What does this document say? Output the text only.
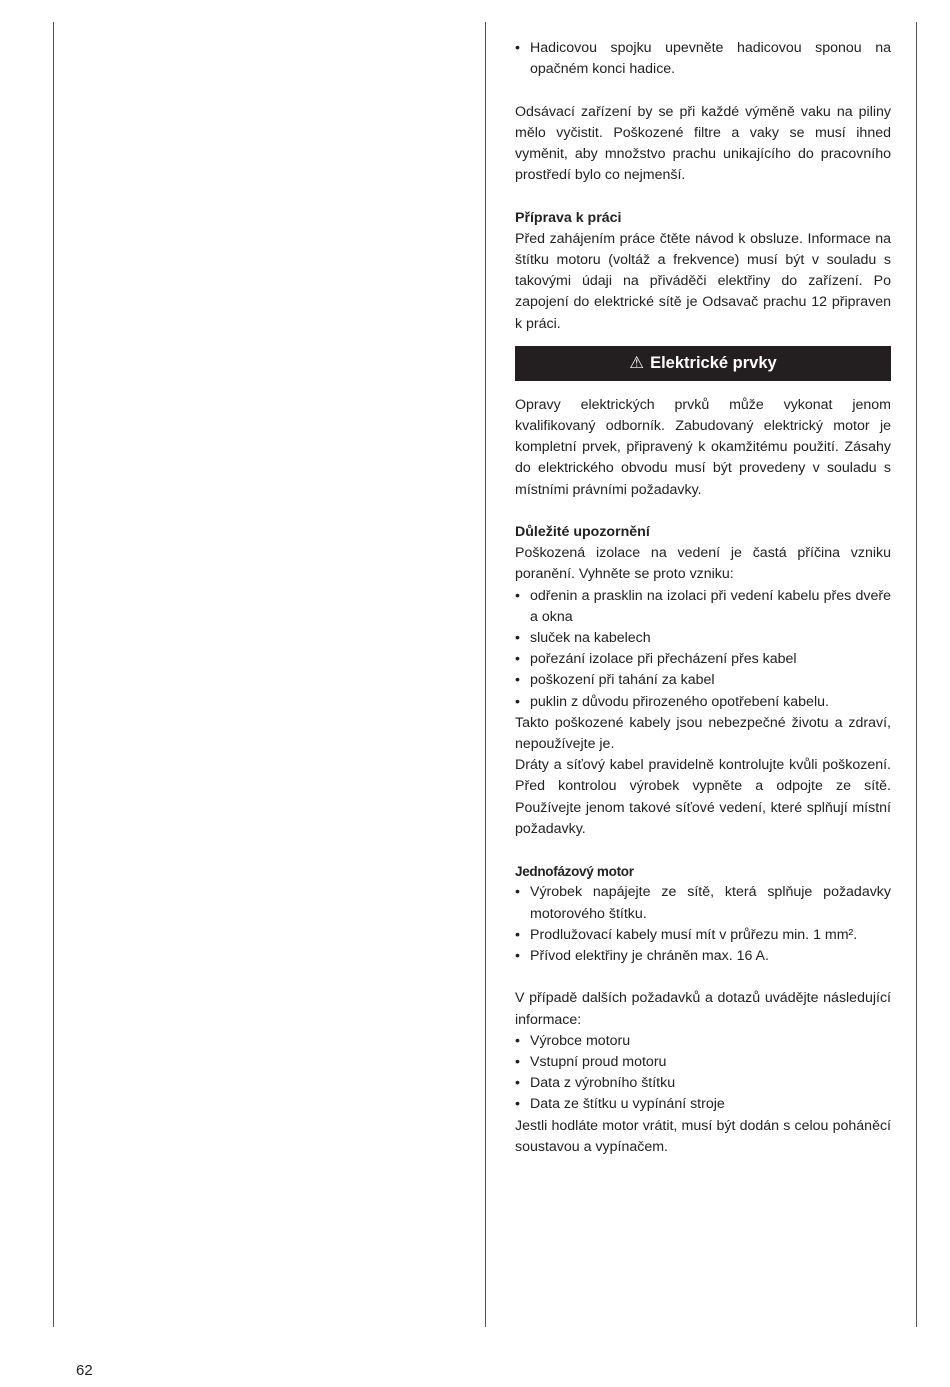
• Hadicovou spojku upevněte hadicovou sponou na opačném konci hadice.

Odsávací zařízení by se při každé výměně vaku na piliny mělo vyčistit. Poškozené filtre a vaky se musí ihned vyměnit, aby množstvo prachu unikajícího do pracovního prostředí bylo co nejmenší.

Příprava k práci

Před zahájením práce čtěte návod k obsluze. Informace na štítku motoru (voltáž a frekvence) musí být v souladu s takovými údaji na přiváděči elektřiny do zařízení. Po zapojení do elektrické sítě je Odsavač prachu 12 připraven k práci.

⚠ Elektrické prvky

Opravy elektrických prvků může vykonat jenom kvalifikovaný odborník. Zabudovaný elektrický motor je kompletní prvek, připravený k okamžitému použití. Zásahy do elektrického obvodu musí být provedeny v souladu s místními právními požadavky.

Důležité upozornění

Poškozená izolace na vedení je častá příčina vzniku poranění. Vyhněte se proto vzniku:

• odřenin a prasklin na izolaci při vedení kabelu přes dveře a okna
• sluček na kabelech
• pořezání izolace při přecházení přes kabel
• poškození při tahání za kabel
• puklin z důvodu přirozeného opotřebení kabelu.

Takto poškozené kabely jsou nebezpečné životu a zdraví, nepoužívejte je.

Dráty a síťový kabel pravidelně kontrolujte kvůli poškození. Před kontrolou výrobek vypněte a odpojte ze sítě. Používejte jenom takové síťové vedení, které splňují místní požadavky.

Jednofázový motor

• Výrobek napájejte ze sítě, která splňuje požadavky motorového štítku.
• Prodlužovací kabely musí mít v průřezu min. 1 mm².
• Přívod elektřiny je chráněn max. 16 A.

V případě dalších požadavků a dotazů uvádějte následující informace:

• Výrobce motoru
• Vstupní proud motoru
• Data z výrobního štítku
• Data ze štítku u vypínání stroje

Jestli hodláte motor vrátit, musí být dodán s celou poháněcí soustavou a vypínačem.

62
